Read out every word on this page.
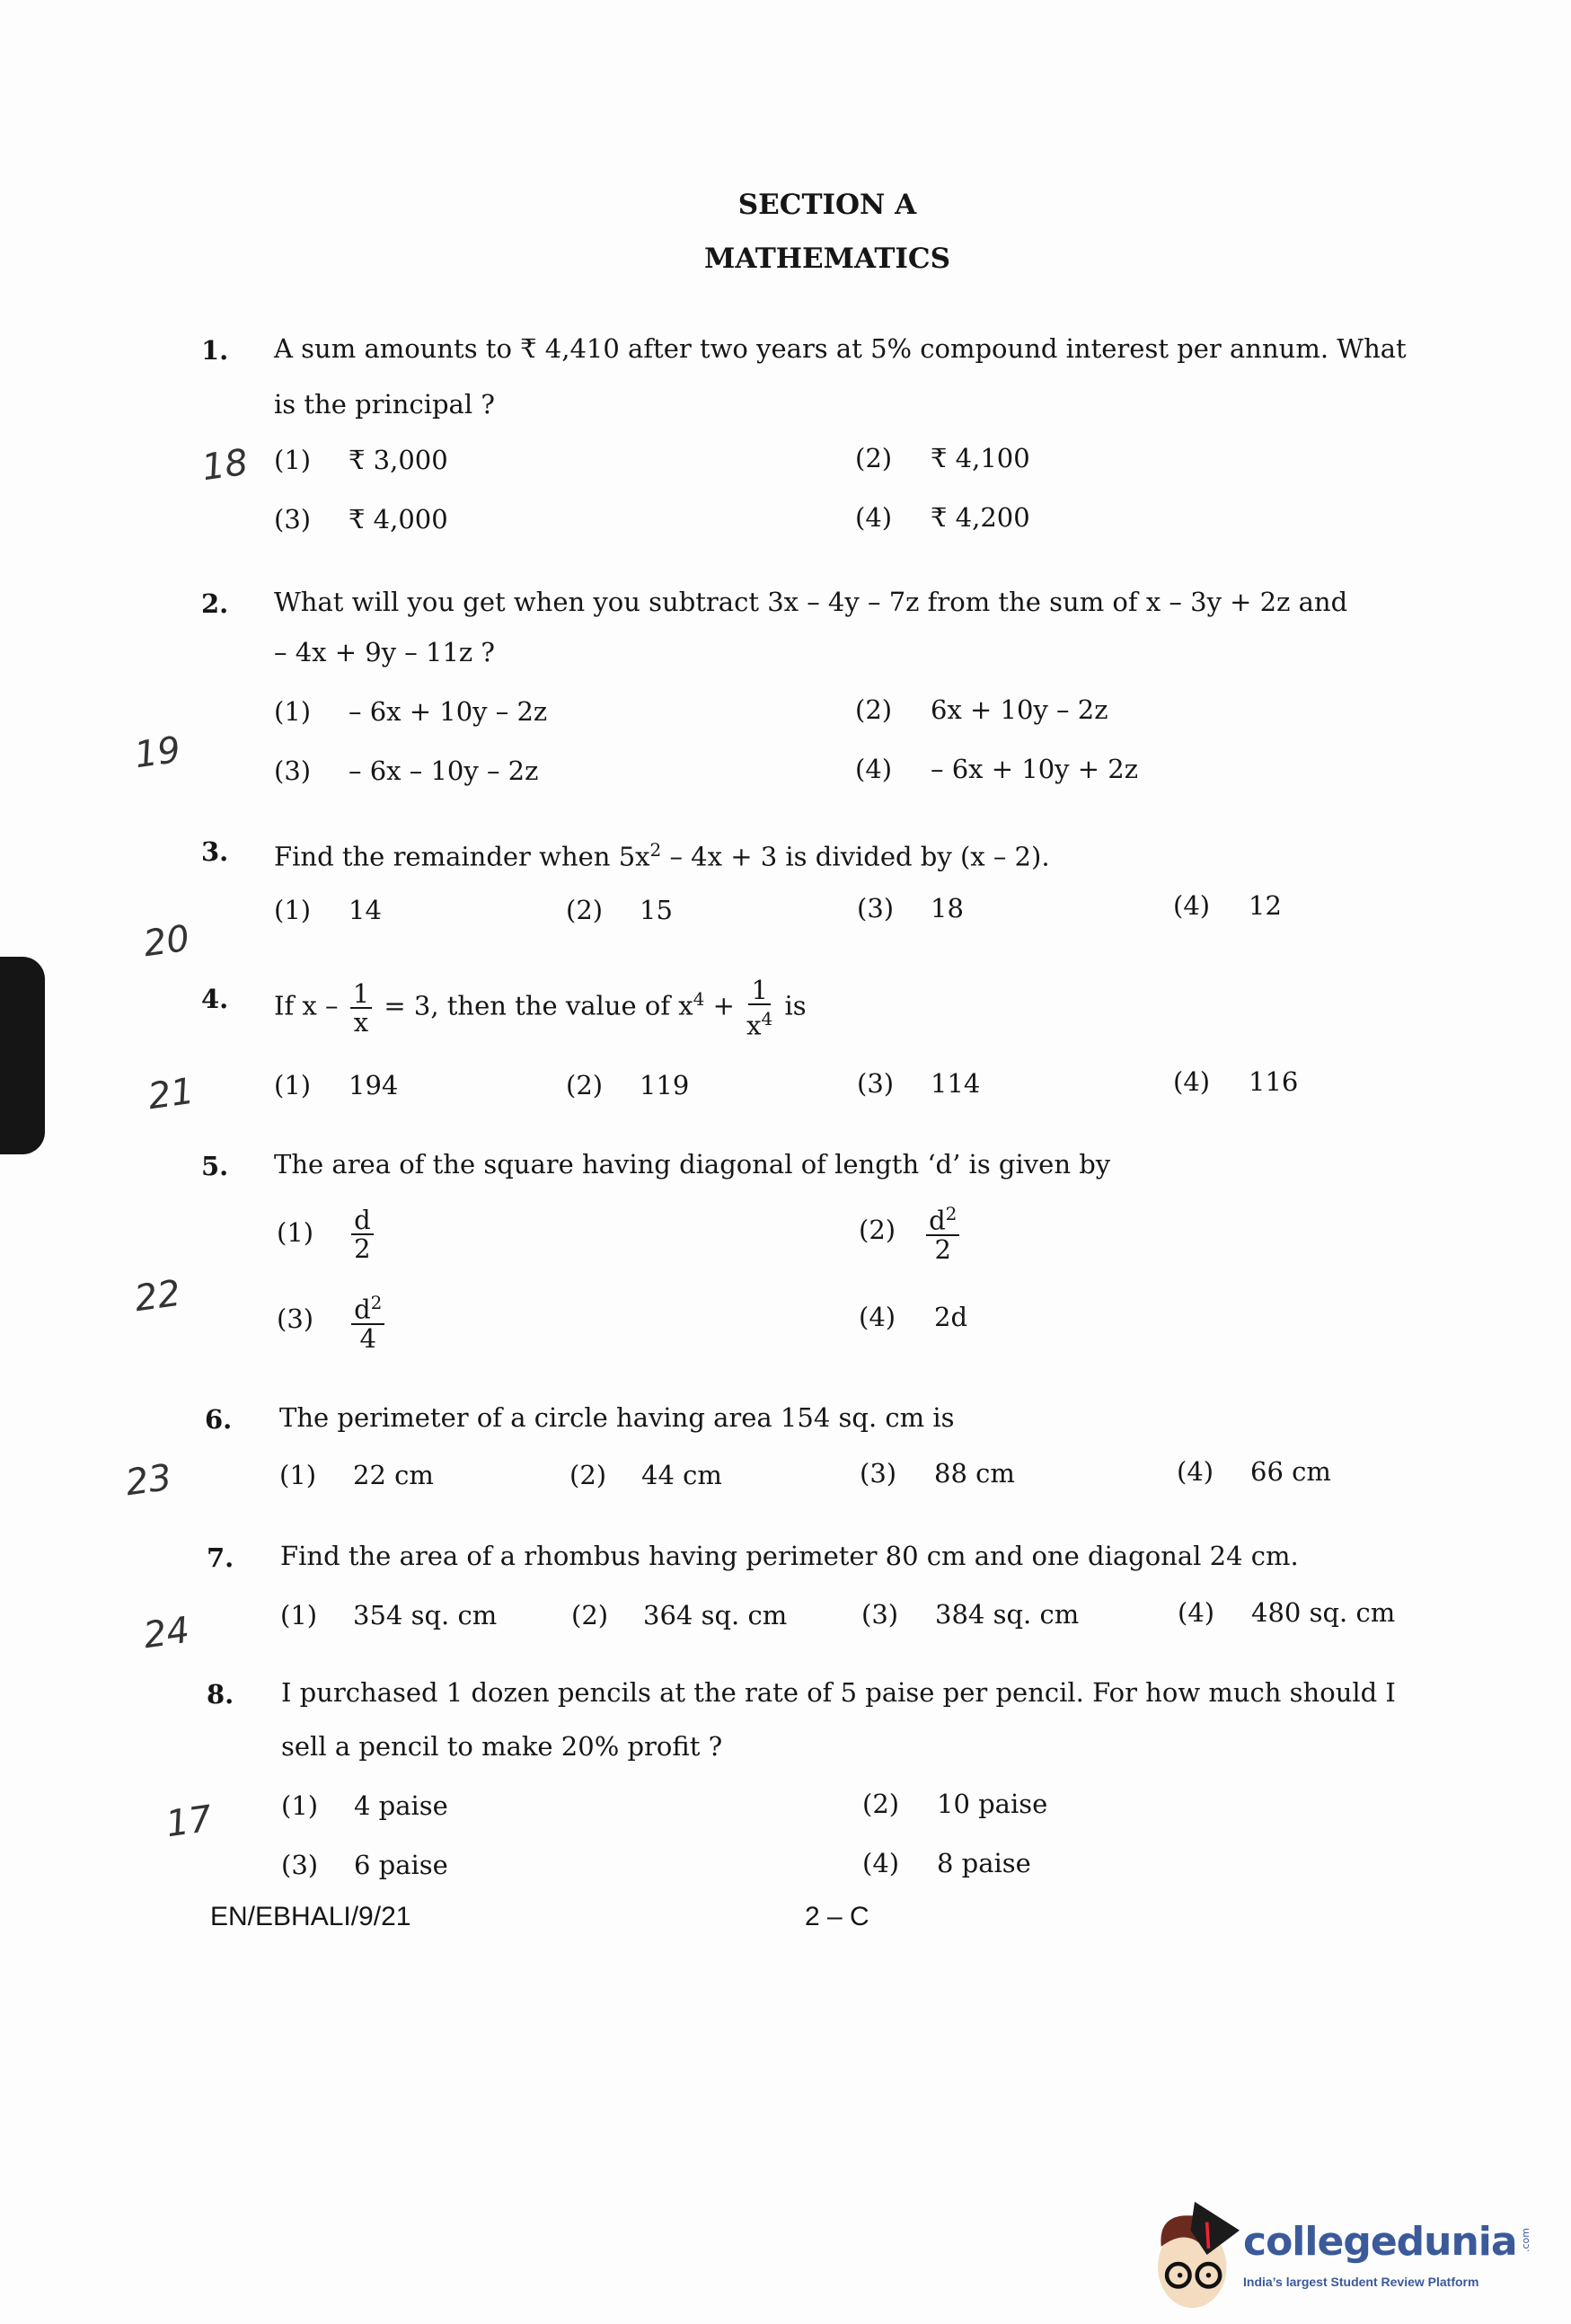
SECTION A
MATHEMATICS
1. A sum amounts to ₹ 4,410 after two years at 5% compound interest per annum. What
is the principal ?
(1) ₹ 3,000	(2) ₹ 4,100
(3) ₹ 4,000	(4) ₹ 4,200
2. What will you get when you subtract 3x – 4y – 7z from the sum of x – 3y + 2z and
– 4x + 9y – 11z ?
(1) – 6x + 10y – 2z	(2) 6x + 10y – 2z
(3) – 6x – 10y – 2z	(4) – 6x + 10y + 2z
3. Find the remainder when $5x^2 - 4x + 3$ is divided by (x – 2).
(1) 14	(2) 15	(3) 18	(4) 12
4. If $x - \frac{1}{x} = 3$, then the value of $x^4 + \frac{1}{x^4}$ is
(1) 194	(2) 119	(3) 114	(4) 116
5. The area of the square having diagonal of length ‘d’ is given by
$(1) \frac{d}{2}$	$(2) \frac{d^2}{2}$
$(3) \frac{d^2}{4}$	(4) 2d
6. The perimeter of a circle having area 154 sq. cm is
(1) 22 cm	(2) 44 cm	(3) 88 cm	(4) 66 cm
7. Find the area of a rhombus having perimeter 80 cm and one diagonal 24 cm.
(1) 354 sq. cm	(2) 364 sq. cm	(3) 384 sq. cm	(4) 480 sq. cm
8. I purchased 1 dozen pencils at the rate of 5 paise per pencil. For how much should I
sell a pencil to make 20% profit ?
(1) 4 paise	(2) 10 paise
(3) 6 paise	(4) 8 paise
18
19
20
21
22
23
24
17
EN/EBHALI/9/21	2 – C
collegedunia .com
India’s largest Student Review Platform
